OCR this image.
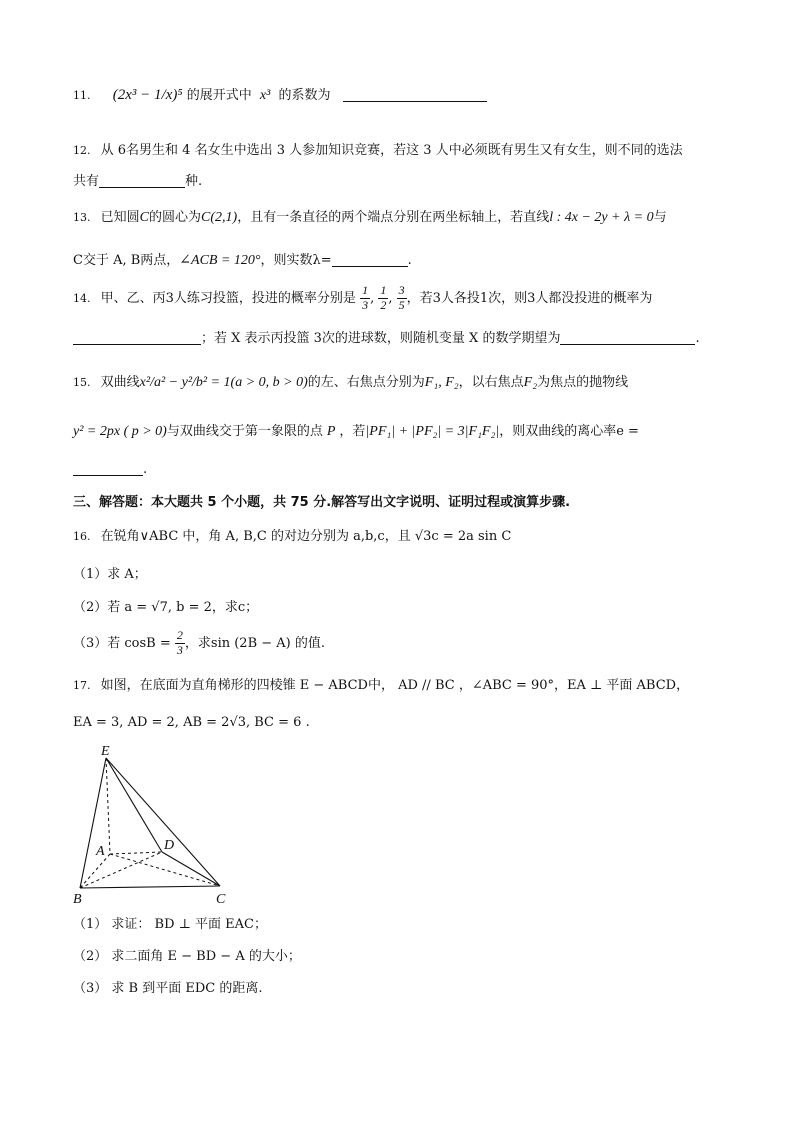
11. (2x³ − 1/x)⁵ 的展开式中 x³ 的系数为
12. 从 6名男生和 4 名女生中选出 3 人参加知识竞赛，若这 3 人中必须既有男生又有女生，则不同的选法
共有	种.
13. 已知圆C的圆心为C(2,1)，且有一条直径的两个端点分别在两坐标轴上，若直线l : 4x − 2y + λ = 0与
C交于 A, B两点，∠ACB = 120°，则实数λ=	.
14. 甲、乙、丙3人练习投篮，投进的概率分别是 $\frac{1}{3}$ , $\frac{1}{2}$ , $\frac{3}{5}$ ，若3人各投1次，则3人都没投进的概率为
；若 X 表示丙投篮 3次的进球数，则随机变量 X 的数学期望为	.
15. 双曲线x²/a² − y²/b² = 1(a > 0, b > 0)的左、右焦点分别为F₁, F₂，以右焦点F₂为焦点的抛物线
y² = 2px ( p > 0)与双曲线交于第一象限的点 P ，若|PF₁| + |PF₂| = 3|F₁F₂|，则双曲线的离心率e =
.
三、解答题：本大题共 5 个小题，共 75 分.解答写出文字说明、证明过程或演算步骤.
16. 在锐角∨ABC 中，角 A, B,C 的对边分别为 a,b,c，且 √3c = 2a sin C
（1）求 A；
（2）若 a = √7, b = 2，求c；
（3）若 $\cos B = \frac{2}{3}$ ，求sin (2B − A) 的值.
17. 如图，在底面为直角梯形的四棱锥 E − ABCD中， AD // BC ，∠ABC = 90°，EA ⊥ 平面 ABCD，
EA = 3, AD = 2, AB = 2√3, BC = 6 .
E
A	D
B	C
（1） 求证： BD ⊥ 平面 EAC；
（2） 求二面角 E − BD − A 的大小；
（3） 求 B 到平面 EDC 的距离.
